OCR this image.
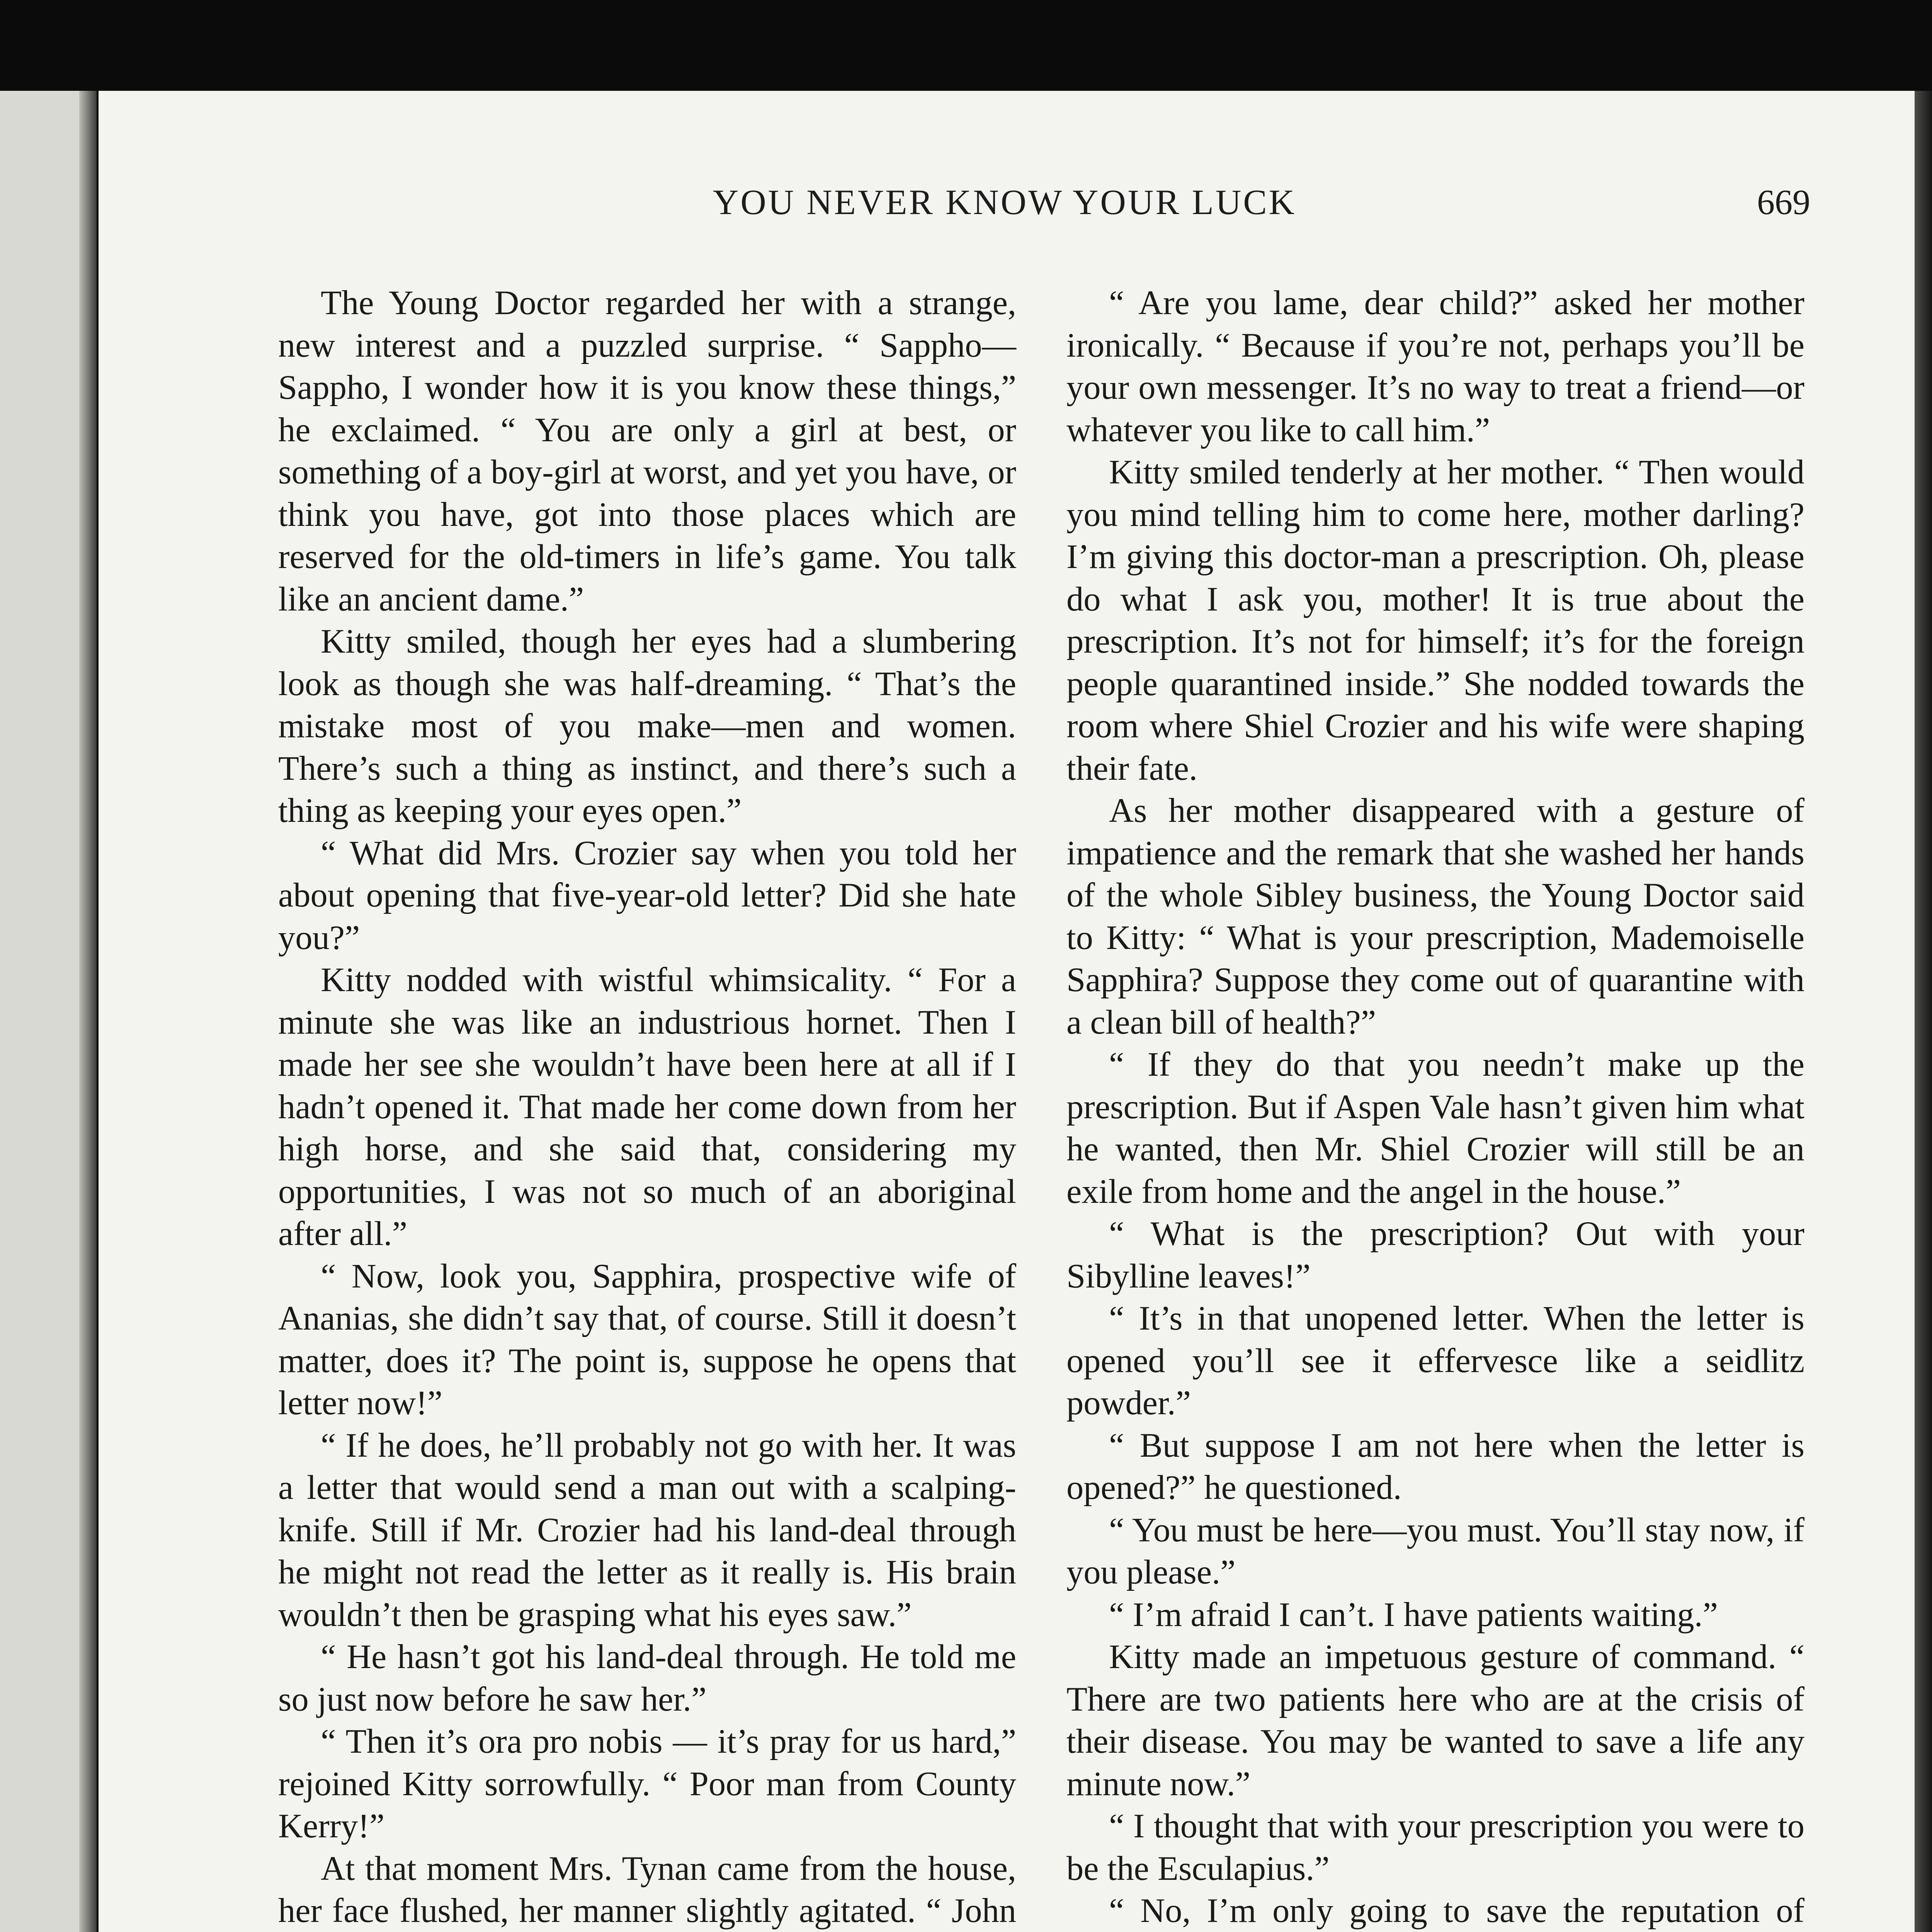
YOU NEVER KNOW YOUR LUCK	669

The Young Doctor regarded her with a strange, new interest and a puzzled surprise. “ Sappho—Sappho, I wonder how it is you know these things,” he exclaimed. “ You are only a girl at best, or something of a boy-girl at worst, and yet you have, or think you have, got into those places which are reserved for the old-timers in life’s game. You talk like an ancient dame.”

Kitty smiled, though her eyes had a slumbering look as though she was half-dreaming. “ That’s the mistake most of you make—men and women. There’s such a thing as instinct, and there’s such a thing as keeping your eyes open.”

“ What did Mrs. Crozier say when you told her about opening that five-year-old letter? Did she hate you?”

Kitty nodded with wistful whimsicality. “ For a minute she was like an industrious hornet. Then I made her see she wouldn’t have been here at all if I hadn’t opened it. That made her come down from her high horse, and she said that, considering my opportunities, I was not so much of an aboriginal after all.”

“ Now, look you, Sapphira, prospective wife of Ananias, she didn’t say that, of course. Still it doesn’t matter, does it? The point is, suppose he opens that letter now!”

“ If he does, he’ll probably not go with her. It was a letter that would send a man out with a scalping-knife. Still if Mr. Crozier had his land-deal through he might not read the letter as it really is. His brain wouldn’t then be grasping what his eyes saw.”

“ He hasn’t got his land-deal through. He told me so just now before he saw her.”

“ Then it’s ora pro nobis — it’s pray for us hard,” rejoined Kitty sorrowfully. “ Poor man from County Kerry!”

At that moment Mrs. Tynan came from the house, her face flushed, her manner slightly agitated. “ John

“ Are you lame, dear child?” asked her mother ironically. “ Because if you’re not, perhaps you’ll be your own messenger. It’s no way to treat a friend—or whatever you like to call him.”

Kitty smiled tenderly at her mother. “ Then would you mind telling him to come here, mother darling? I’m giving this doctor-man a prescription. Oh, please do what I ask you, mother! It is true about the prescription. It’s not for himself; it’s for the foreign people quarantined inside.” She nodded towards the room where Shiel Crozier and his wife were shaping their fate.

As her mother disappeared with a gesture of impatience and the remark that she washed her hands of the whole Sibley business, the Young Doctor said to Kitty: “ What is your prescription, Mademoiselle Sapphira? Suppose they come out of quarantine with a clean bill of health?”

“ If they do that you needn’t make up the prescription. But if Aspen Vale hasn’t given him what he wanted, then Mr. Shiel Crozier will still be an exile from home and the angel in the house.”

“ What is the prescription? Out with your Sibylline leaves!”

“ It’s in that unopened letter. When the letter is opened you’ll see it effervesce like a seidlitz powder.”

“ But suppose I am not here when the letter is opened?” he questioned.

“ You must be here—you must. You’ll stay now, if you please.”

“ I’m afraid I can’t. I have patients waiting.”

Kitty made an impetuous gesture of command. “ There are two patients here who are at the crisis of their disease. You may be wanted to save a life any minute now.”

“ I thought that with your prescription you were to be the Esculapius.”

“ No, I’m only going to save the reputation of
